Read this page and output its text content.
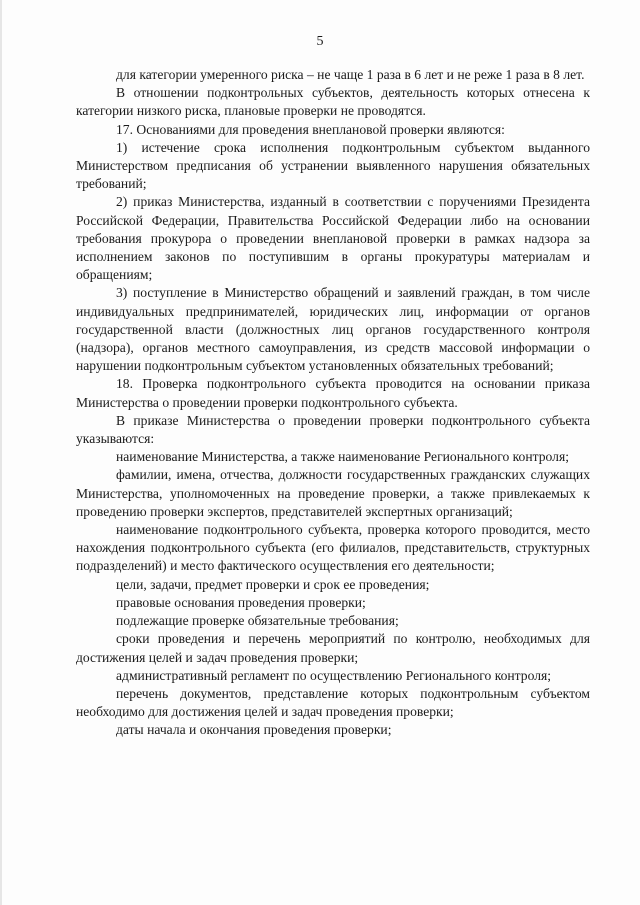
5

для категории умеренного риска – не чаще 1 раза в 6 лет и не реже 1 раза в 8 лет.

В отношении подконтрольных субъектов, деятельность которых отнесена к категории низкого риска, плановые проверки не проводятся.

17. Основаниями для проведения внеплановой проверки являются:

1) истечение срока исполнения подконтрольным субъектом выданного Министерством предписания об устранении выявленного нарушения обязательных требований;

2) приказ Министерства, изданный в соответствии с поручениями Президента Российской Федерации, Правительства Российской Федерации либо на основании требования прокурора о проведении внеплановой проверки в рамках надзора за исполнением законов по поступившим в органы прокуратуры материалам и обращениям;

3) поступление в Министерство обращений и заявлений граждан, в том числе индивидуальных предпринимателей, юридических лиц, информации от органов государственной власти (должностных лиц органов государственного контроля (надзора), органов местного самоуправления, из средств массовой информации о нарушении подконтрольным субъектом установленных обязательных требований;

18. Проверка подконтрольного субъекта проводится на основании приказа Министерства о проведении проверки подконтрольного субъекта.

В приказе Министерства о проведении проверки подконтрольного субъекта указываются:

наименование Министерства, а также наименование Регионального контроля;

фамилии, имена, отчества, должности государственных гражданских служащих Министерства, уполномоченных на проведение проверки, а также привлекаемых к проведению проверки экспертов, представителей экспертных организаций;

наименование подконтрольного субъекта, проверка которого проводится, место нахождения подконтрольного субъекта (его филиалов, представительств, структурных подразделений) и место фактического осуществления его деятельности;

цели, задачи, предмет проверки и срок ее проведения;

правовые основания проведения проверки;

подлежащие проверке обязательные требования;

сроки проведения и перечень мероприятий по контролю, необходимых для достижения целей и задач проведения проверки;

административный регламент по осуществлению Регионального контроля;

перечень документов, представление которых подконтрольным субъектом необходимо для достижения целей и задач проведения проверки;

даты начала и окончания проведения проверки;
